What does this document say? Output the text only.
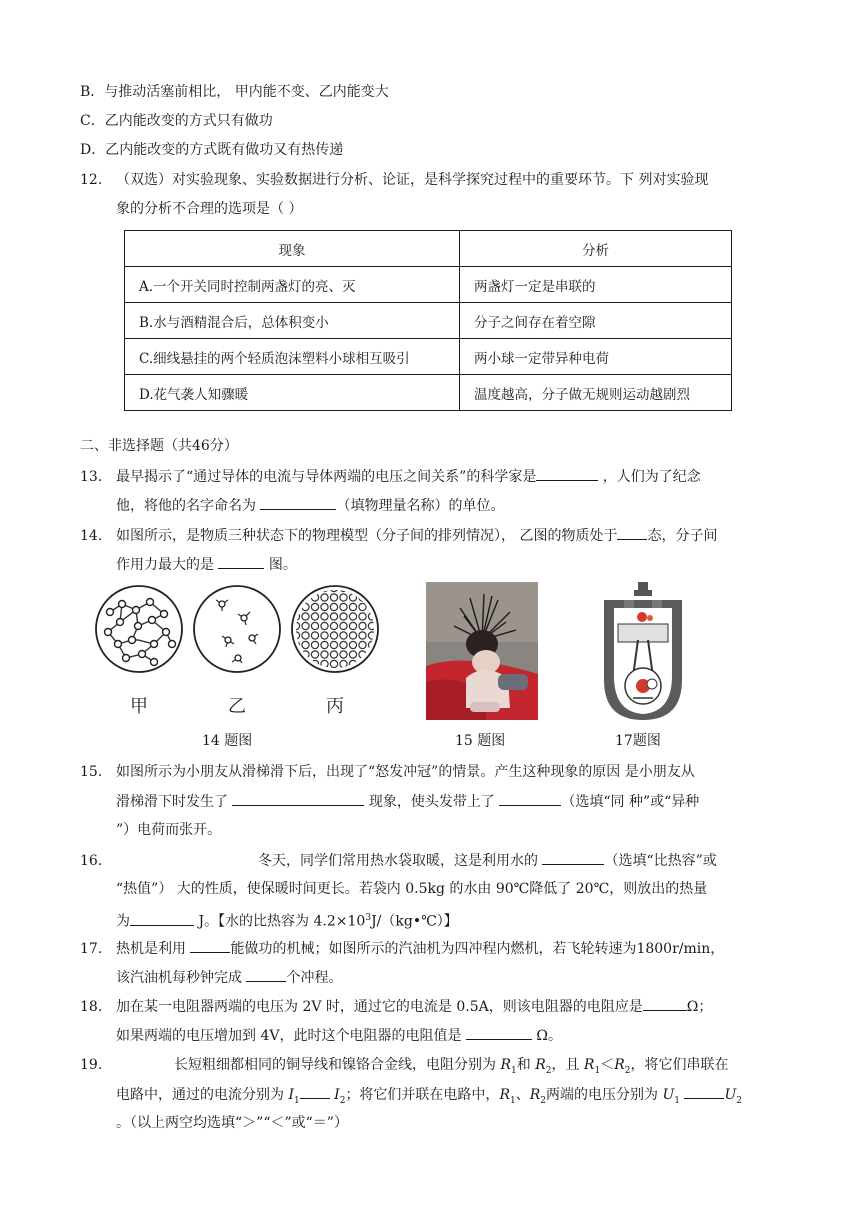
B．与推动活塞前相比， 甲内能不变、乙内能变大
C．乙内能改变的方式只有做功
D．乙内能改变的方式既有做功又有热传递
12. （双选）对实验现象、实验数据进行分析、论证，是科学探究过程中的重要环节。下 列对实验现
象的分析不合理的选项是（ ）
现象	分析
A.一个开关同时控制两盏灯的亮、灭	两盏灯一定是串联的
B.水与酒精混合后，总体积变小	分子之间存在着空隙
C.细线悬挂的两个轻质泡沫塑料小球相互吸引	两小球一定带异种电荷
D.花气袭人知骤暖	温度越高，分子做无规则运动越剧烈
二、非选择题（共46分）
13. 最早揭示了“通过导体的电流与导体两端的电压之间关系”的科学家是	，人们为了纪念
他，将他的名字命名为	（填物理量名称）的单位。
14. 如图所示，是物质三种状态下的物理模型（分子间的排列情况）， 乙图的物质处于 态，分子间
作用力最大的是	图。
甲	乙	丙
14 题图	15 题图	17题图
15. 如图所示为小朋友从滑梯滑下后，出现了“怒发冲冠”的情景。产生这种现象的原因 是小朋友从
滑梯滑下时发生了	现象，使头发带上了	（选填“同 种”或“异种
”）电荷而张开。
16.	冬天，同学们常用热水袋取暖，这是利用水的	（选填“比热容”或
“热值”） 大的性质，使保暖时间更长。若袋内 0.5kg 的水由 90℃降低了 20℃，则放出的热量
为	J。【水的比热容为 $4.2\times 10^3J/(kg•℃)$】
17. 热机是利用	能做功的机械；如图所示的汽油机为四冲程内燃机，若飞轮转速为1800r/min，
该汽油机每秒钟完成	个冲程。
18. 加在某一电阻器两端的电压为 2V 时，通过它的电流是 0.5A，则该电阻器的电阻应是	Ω；
如果两端的电压增加到 4V，此时这个电阻器的电阻值是	Ω。
19.	长短粗细都相同的铜导线和镍铬合金线，电阻分别为 $R_1$和 $R_2$，且 $R_1<R_2$，将它们串联在
电路中，通过的电流分别为 $I_1$ $I_2$；将它们并联在电路中，$R_1$、$R_2$两端的电压分别为 $U_1$	$U_2$
。（以上两空均选填“＞”“＜”或“＝”）
